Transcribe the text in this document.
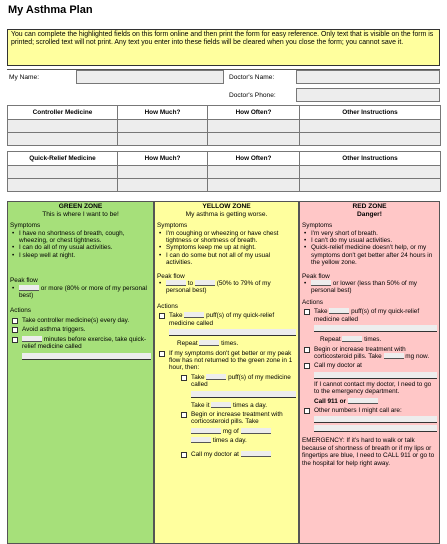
My Asthma Plan
You can complete the highlighted fields on this form online and then print the form for easy reference. Only text that is visible on the form is printed; scrolled text will not print. Any text you enter into these fields will be cleared when you close the form; you cannot save it.
My Name:	Doctor's Name:
Doctor's Phone:
Controller Medicine	How Much?	How Often?	Other Instructions

Quick-Relief Medicine	How Much?	How Often?	Other Instructions

GREEN ZONE
This is where I want to be!
Symptoms
• I have no shortness of breath, cough, wheezing, or chest tightness.
• I can do all of my usual activities.
• I sleep well at night.
Peak flow
• or more (80% or more of my personal best)
Actions
Take controller medicine(s) every day.
Avoid asthma triggers.
minutes before exercise, take quick-relief medicine called
YELLOW ZONE
My asthma is getting worse.
Symptoms
• I'm coughing or wheezing or have chest tightness or shortness of breath.
• Symptoms keep me up at night.
• I can do some but not all of my usual activities.
Peak flow
• to	(50% to 79% of my personal best)
Actions
Take	puff(s) of my quick-relief medicine called
Repeat	times.
If my symptoms don't get better or my peak flow has not returned to the green zone in 1 hour, then:
Take	puff(s) of my medicine called
Take it	times a day.
Begin or increase treatment with corticosteroid pills. Take
mg of
times a day.
Call my doctor at
RED ZONE
Danger!
Symptoms
• I'm very short of breath.
• I can't do my usual activities.
• Quick-relief medicine doesn't help, or my symptoms don't get better after 24 hours in the yellow zone.
Peak flow
• or lower (less than 50% of my personal best)
Actions
Take	puff(s) of my quick-relief medicine called
Repeat	times.
Begin or increase treatment with corticosteroid pills. Take	mg now.
Call my doctor at
If I cannot contact my doctor, I need to go to the emergency department.
Call 911 or
Other numbers I might call are:
EMERGENCY: If it's hard to walk or talk because of shortness of breath or if my lips or fingertips are blue, I need to CALL 911 or go to the hospital for help right away.
